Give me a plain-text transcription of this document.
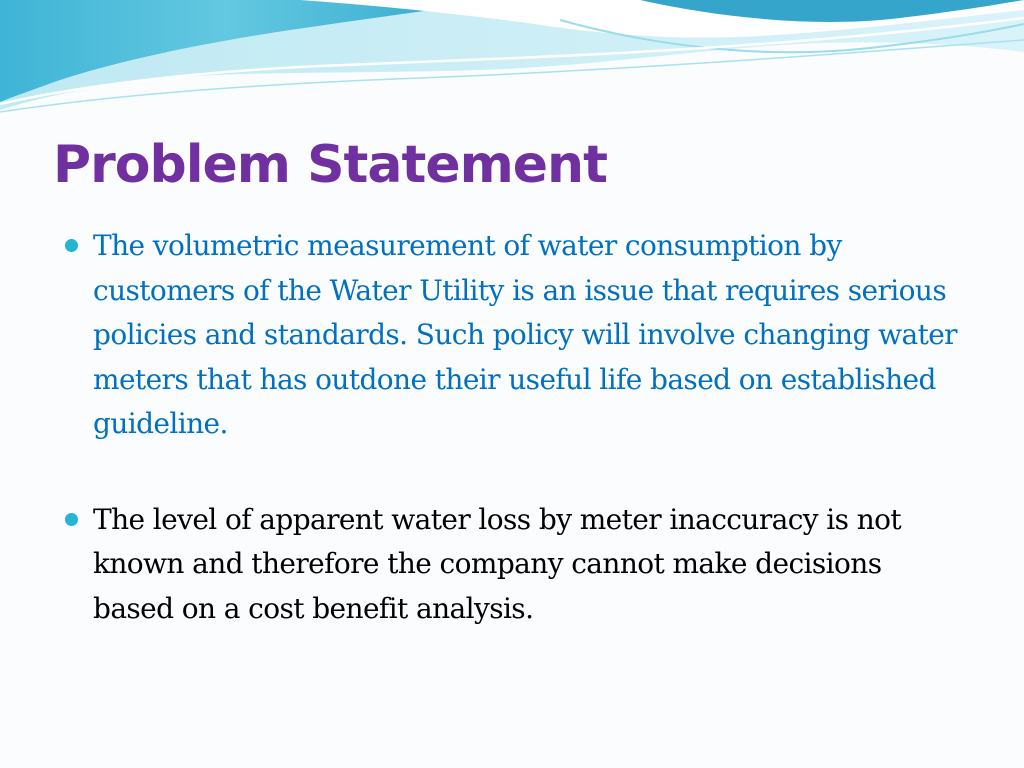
Problem Statement
The volumetric measurement of water consumption by customers of the Water Utility is an issue that requires serious policies and standards. Such policy will involve changing water meters that has outdone their useful life based on established guideline.
The level of apparent water loss by meter inaccuracy is not known and therefore the company cannot make decisions based on a cost benefit analysis.
